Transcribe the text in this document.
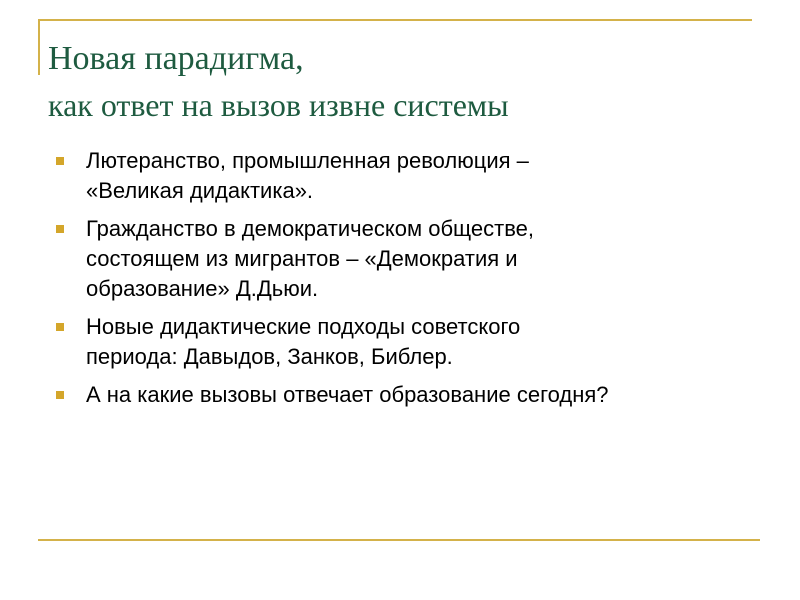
Новая парадигма,
как ответ на вызов извне системы
Лютеранство, промышленная революция –
«Великая дидактика».
Гражданство в демократическом обществе,
состоящем из мигрантов – «Демократия и
образование» Д.Дьюи.
Новые дидактические подходы советского
периода: Давыдов, Занков, Библер.
А на какие вызовы отвечает образование сегодня?
